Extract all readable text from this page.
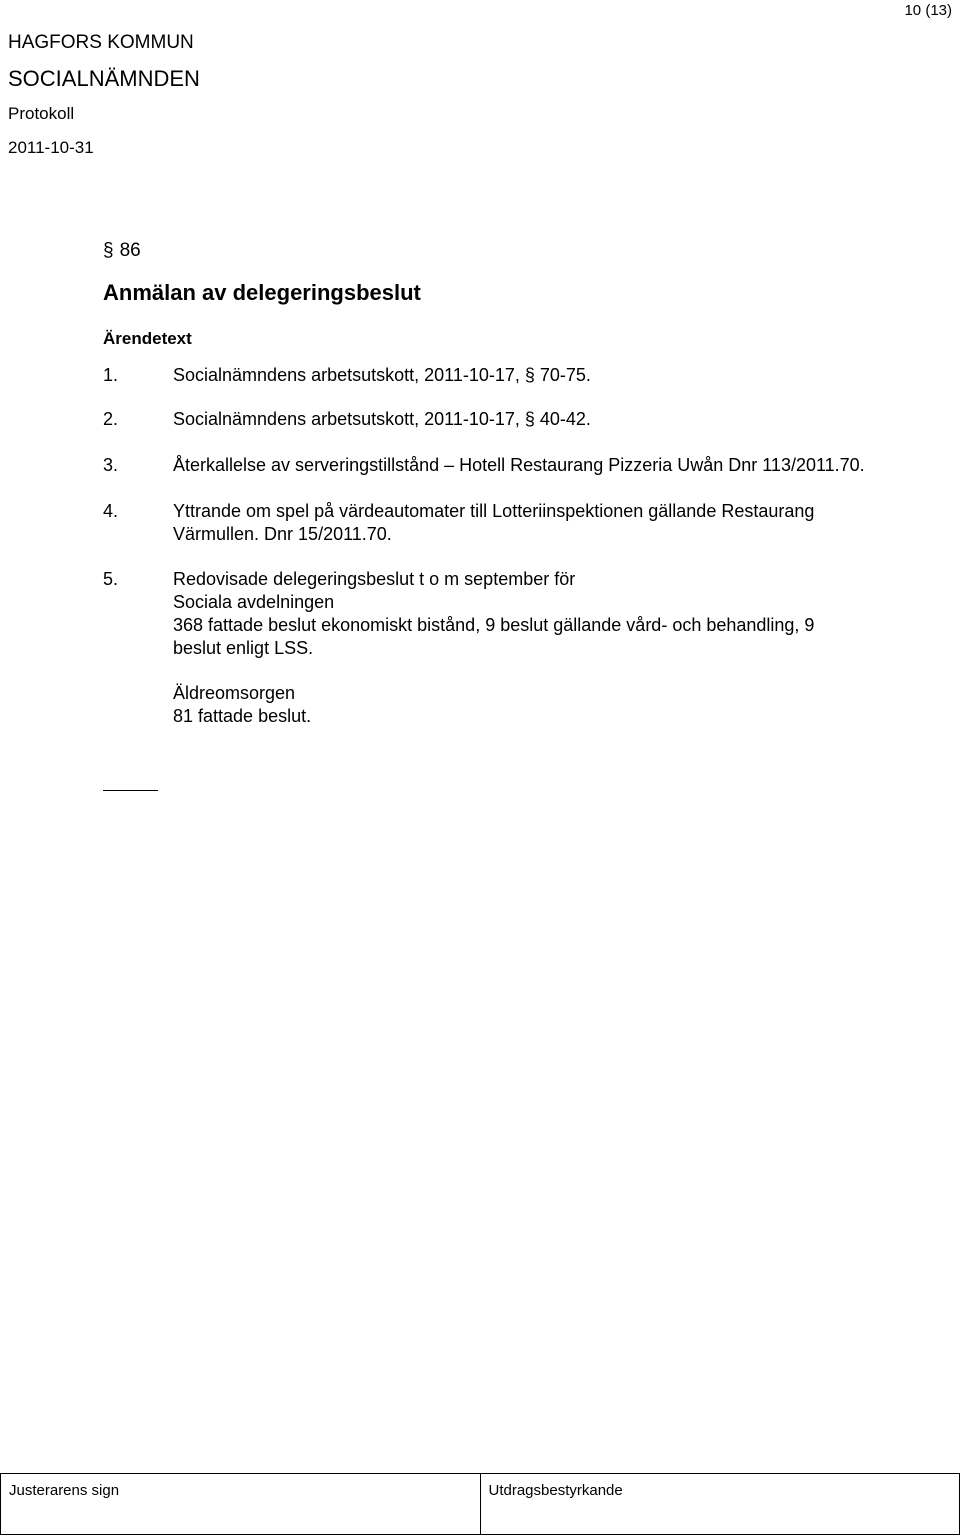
10 (13)
HAGFORS KOMMUN
SOCIALNÄMNDEN
Protokoll
2011-10-31
§ 86
Anmälan av delegeringsbeslut
Ärendetext
1.	Socialnämndens arbetsutskott, 2011-10-17, § 70-75.
2.	Socialnämndens arbetsutskott, 2011-10-17, § 40-42.
3.	Återkallelse av serveringstillstånd – Hotell Restaurang Pizzeria Uwån Dnr 113/2011.70.
4.	Yttrande om spel på värdeautomater till Lotteriinspektionen gällande Restaurang
Värmullen. Dnr 15/2011.70.
5.	Redovisade delegeringsbeslut t o m september för
Sociala avdelningen
368 fattade beslut ekonomiskt bistånd, 9 beslut gällande vård- och behandling, 9
beslut enligt LSS.
Äldreomsorgen
81 fattade beslut.
Justerarens sign	Utdragsbestyrkande
